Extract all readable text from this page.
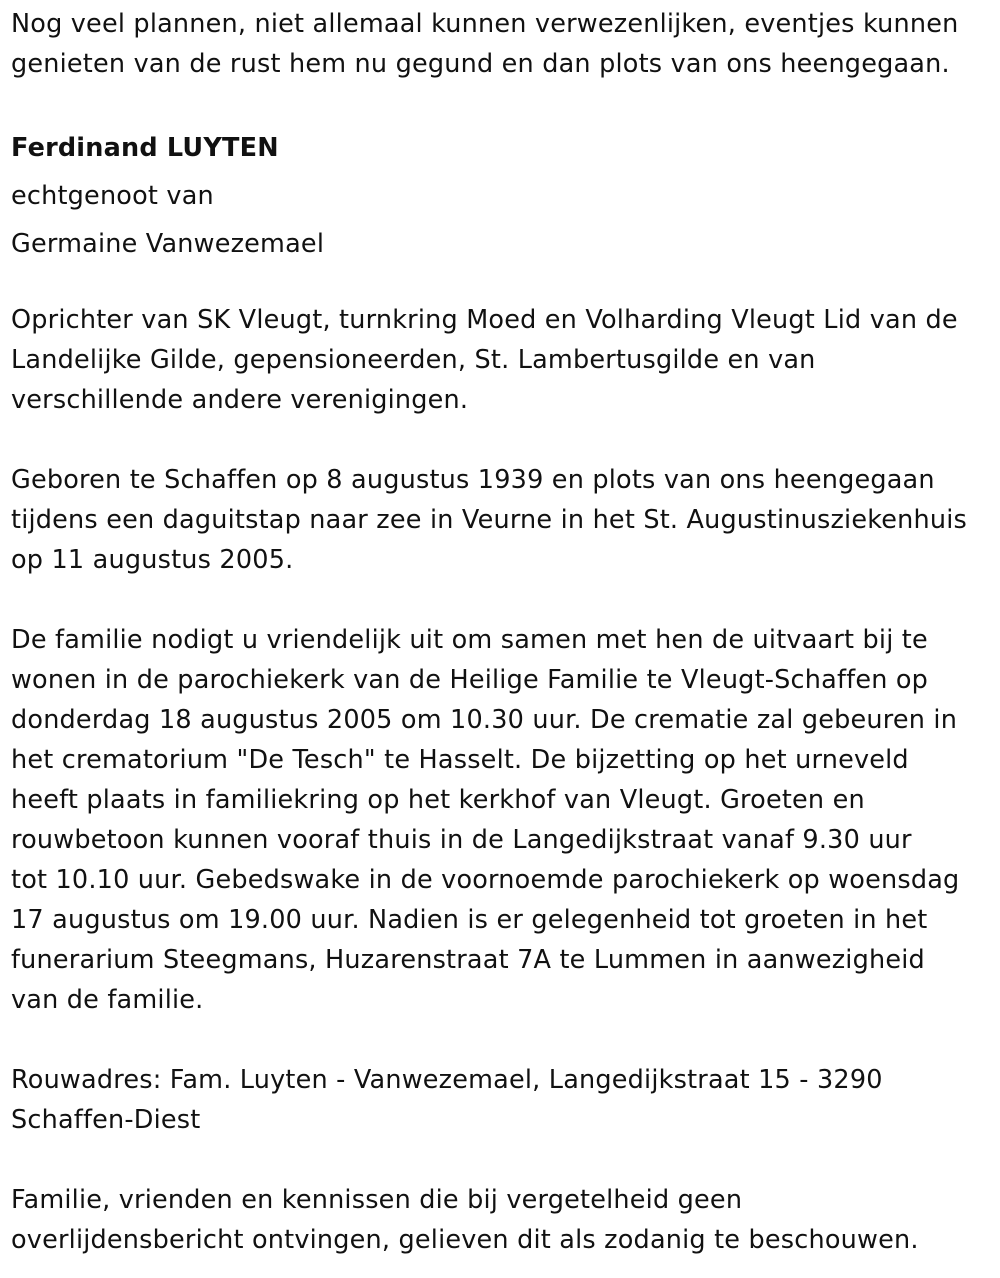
Nog veel plannen, niet allemaal kunnen verwezenlijken, eventjes kunnen
genieten van de rust hem nu gegund en dan plots van ons heengegaan.

Ferdinand LUYTEN
echtgenoot van
Germaine Vanwezemael

Oprichter van SK Vleugt, turnkring Moed en Volharding Vleugt Lid van de
Landelijke Gilde, gepensioneerden, St. Lambertusgilde en van
verschillende andere verenigingen.

Geboren te Schaffen op 8 augustus 1939 en plots van ons heengegaan
tijdens een daguitstap naar zee in Veurne in het St. Augustinusziekenhuis
op 11 augustus 2005.

De familie nodigt u vriendelijk uit om samen met hen de uitvaart bij te
wonen in de parochiekerk van de Heilige Familie te Vleugt-Schaffen op
donderdag 18 augustus 2005 om 10.30 uur. De crematie zal gebeuren in
het crematorium "De Tesch" te Hasselt. De bijzetting op het urneveld
heeft plaats in familiekring op het kerkhof van Vleugt. Groeten en
rouwbetoon kunnen vooraf thuis in de Langedijkstraat vanaf 9.30 uur
tot 10.10 uur. Gebedswake in de voornoemde parochiekerk op woensdag
17 augustus om 19.00 uur. Nadien is er gelegenheid tot groeten in het
funerarium Steegmans, Huzarenstraat 7A te Lummen in aanwezigheid
van de familie.

Rouwadres: Fam. Luyten - Vanwezemael, Langedijkstraat 15 - 3290
Schaffen-Diest

Familie, vrienden en kennissen die bij vergetelheid geen
overlijdensbericht ontvingen, gelieven dit als zodanig te beschouwen.
